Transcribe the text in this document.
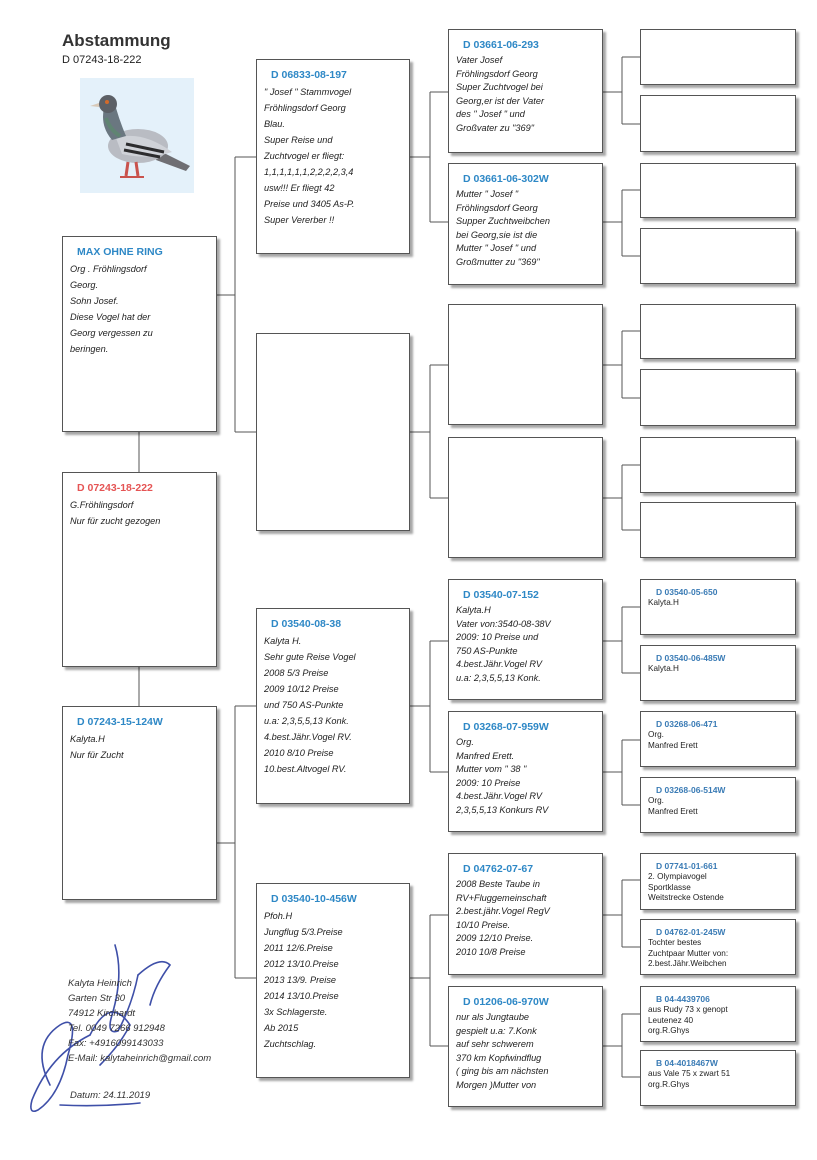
Abstammung
D 07243-18-222
MAX OHNE RING
Org . Fröhlingsdorf
Georg.
Sohn Josef.
Diese Vogel hat der
Georg vergessen zu
beringen.
D 07243-18-222
G.Fröhlingsdorf
Nur für zucht gezogen
D 07243-15-124W
Kalyta.H
Nur für Zucht
D 06833-08-197
" Josef " Stammvogel
Fröhlingsdorf Georg
Blau.
Super Reise und
Zuchtvogel er fliegt:
1,1,1,1,1,1,2,2,2,2,3,4
usw!!! Er fliegt 42
Preise und 3405 As-P.
Super Vererber !!
D 03540-08-38
Kalyta H.
Sehr gute Reise Vogel
2008 5/3 Preise
2009 10/12 Preise
und 750 AS-Punkte
u.a: 2,3,5,5,13 Konk.
4.best.Jähr.Vogel RV.
2010 8/10 Preise
10.best.Altvogel RV.
D 03540-10-456W
Pfoh.H
Jungflug 5/3.Preise
2011 12/6.Preise
2012 13/10.Preise
2013 13/9. Preise
2014 13/10.Preise
3x Schlagerste.
Ab 2015
Zuchtschlag.
D 03661-06-293
Vater Josef
Fröhlingsdorf Georg
Super Zuchtvogel bei
Georg,er ist der Vater
des " Josef " und
Großvater zu "369"
D 03661-06-302W
Mutter " Josef "
Fröhlingsdorf Georg
Supper Zuchtweibchen
bei Georg,sie ist die
Mutter " Josef " und
Großmutter zu "369"
D 03540-07-152
Kalyta.H
Vater von:3540-08-38V
2009: 10 Preise und
750 AS-Punkte
4.best.Jähr.Vogel RV
u.a: 2,3,5,5,13 Konk.
D 03268-07-959W
Org.
Manfred Erett.
Mutter vom " 38 "
2009: 10 Preise
4.best.Jähr.Vogel RV
2,3,5,5,13 Konkurs RV
D 04762-07-67
2008 Beste Taube in
RV+Fluggemeinschaft
2.best.jähr.Vogel RegV
10/10 Preise.
2009 12/10 Preise.
2010 10/8 Preise
D 01206-06-970W
nur als Jungtaube
gespielt u.a: 7.Konk
auf sehr schwerem
370 km Kopfwindflug
( ging bis am nächsten
Morgen )Mutter von
D 03540-05-650
Kalyta.H
D 03540-06-485W
Kalyta.H
D 03268-06-471
Org.
Manfred Erett
D 03268-06-514W
Org.
Manfred Erett
D 07741-01-661
2. Olympiavogel
Sportklasse
Weitstrecke Ostende
D 04762-01-245W
Tochter bestes
Zuchtpaar Mutter von:
2.best.Jähr.Weibchen
B 04-4439706
aus Rudy 73 x genopt
Leutenez 40
org.R.Ghys
B 04-4018467W
aus Vale 75 x zwart 51
org.R.Ghys
Kalyta Heinrich
Garten Str 30
74912 Kirchardt
Tel. 0049 7266 912948
Fax: +4916099143033
E-Mail: kalytaheinrich@gmail.com
Datum: 24.11.2019
